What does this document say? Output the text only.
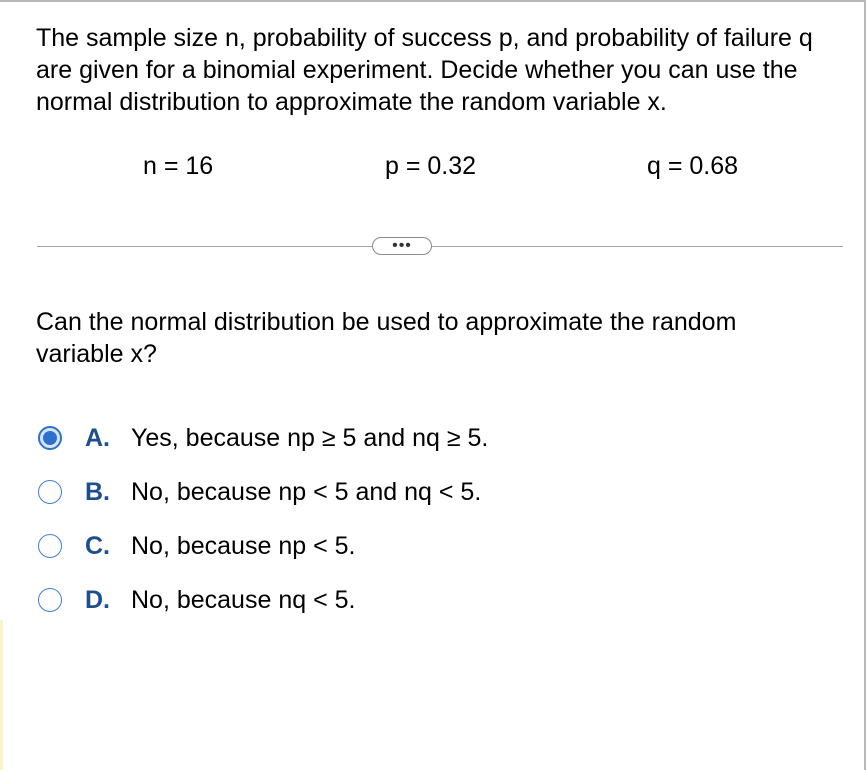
The sample size n, probability of success p, and probability of failure q are given for a binomial experiment. Decide whether you can use the normal distribution to approximate the random variable x.

n = 16	p = 0.32	q = 0.68
•••

Can the normal distribution be used to approximate the random variable x?

A. Yes, because np ≥ 5 and nq ≥ 5.
B. No, because np < 5 and nq < 5.
C. No, because np < 5.
D. No, because nq < 5.
